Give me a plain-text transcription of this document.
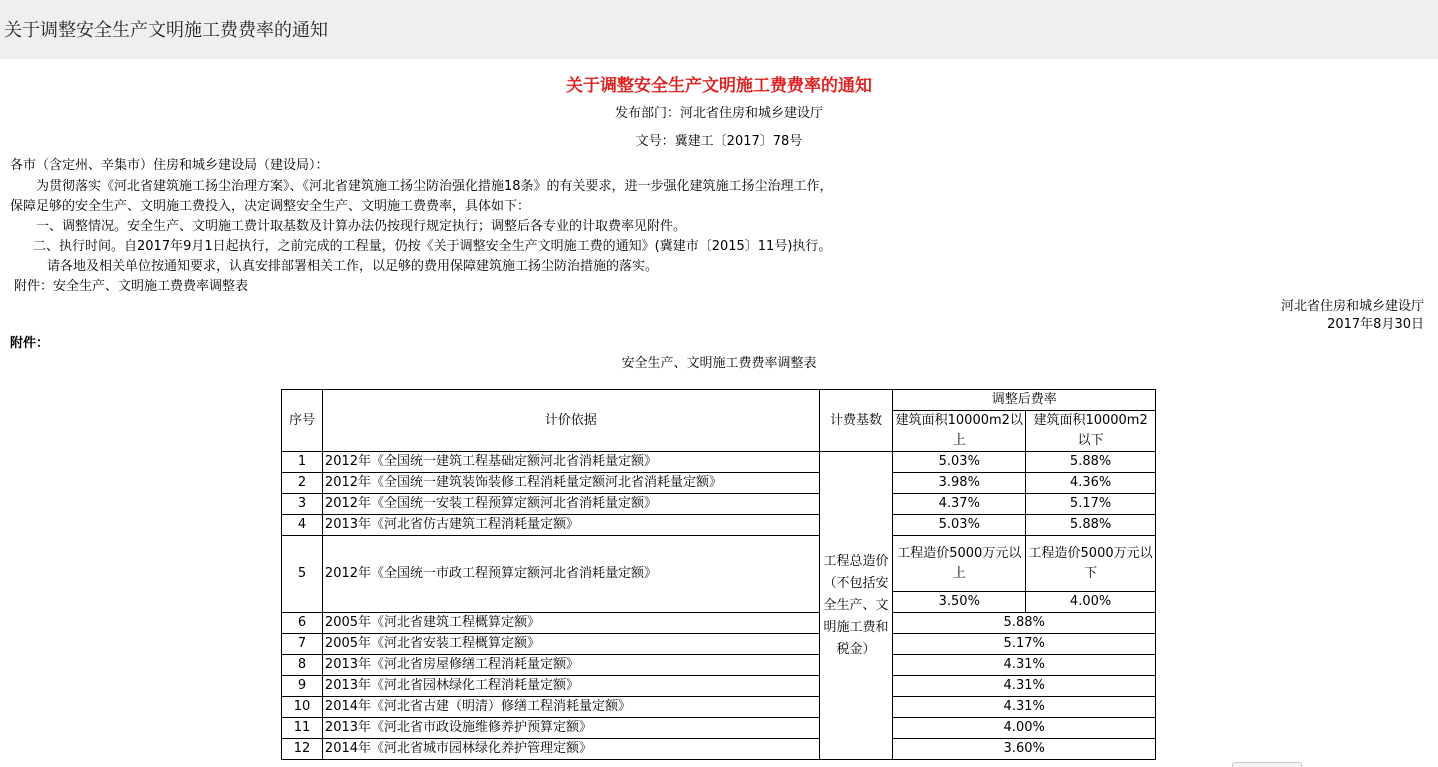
关于调整安全生产文明施工费费率的通知
关于调整安全生产文明施工费费率的通知
发布部门：河北省住房和城乡建设厅
文号：冀建工〔2017〕78号
各市（含定州、辛集市）住房和城乡建设局（建设局）：
为贯彻落实《河北省建筑施工扬尘治理方案》、《河北省建筑施工扬尘防治强化措施18条》的有关要求，进一步强化建筑施工扬尘治理工作，
保障足够的安全生产、文明施工费投入，决定调整安全生产、文明施工费费率，具体如下：
一、调整情况。安全生产、文明施工费计取基数及计算办法仍按现行规定执行；调整后各专业的计取费率见附件。
二、执行时间。自2017年9月1日起执行，之前完成的工程量，仍按《关于调整安全生产文明施工费的通知》(冀建市〔2015〕11号)执行。
请各地及相关单位按通知要求，认真安排部署相关工作，以足够的费用保障建筑施工扬尘防治措施的落实。
附件：安全生产、文明施工费费率调整表
河北省住房和城乡建设厅
2017年8月30日
附件：
安全生产、文明施工费费率调整表
序号	计价依据	计费基数	调整后费率	
			建筑面积10000m2以上	建筑面积10000m2以下
1	2012年《全国统一建筑工程基础定额河北省消耗量定额》	工程总造价（不包括安全生产、文明施工费和税金）	5.03%	5.88%
2	2012年《全国统一建筑装饰装修工程消耗量定额河北省消耗量定额》		3.98%	4.36%
3	2012年《全国统一安装工程预算定额河北省消耗量定额》		4.37%	5.17%
4	2013年《河北省仿古建筑工程消耗量定额》		5.03%	5.88%
5	2012年《全国统一市政工程预算定额河北省消耗量定额》		工程造价5000万元以上	工程造价5000万元以下
			3.50%	4.00%
6	2005年《河北省建筑工程概算定额》		5.88%	
7	2005年《河北省安装工程概算定额》		5.17%	
8	2013年《河北省房屋修缮工程消耗量定额》		4.31%	
9	2013年《河北省园林绿化工程消耗量定额》		4.31%	
10	2014年《河北省古建（明清）修缮工程消耗量定额》		4.31%	
11	2013年《河北省市政设施维修养护预算定额》		4.00%	
12	2014年《河北省城市园林绿化养护管理定额》		3.60%	
